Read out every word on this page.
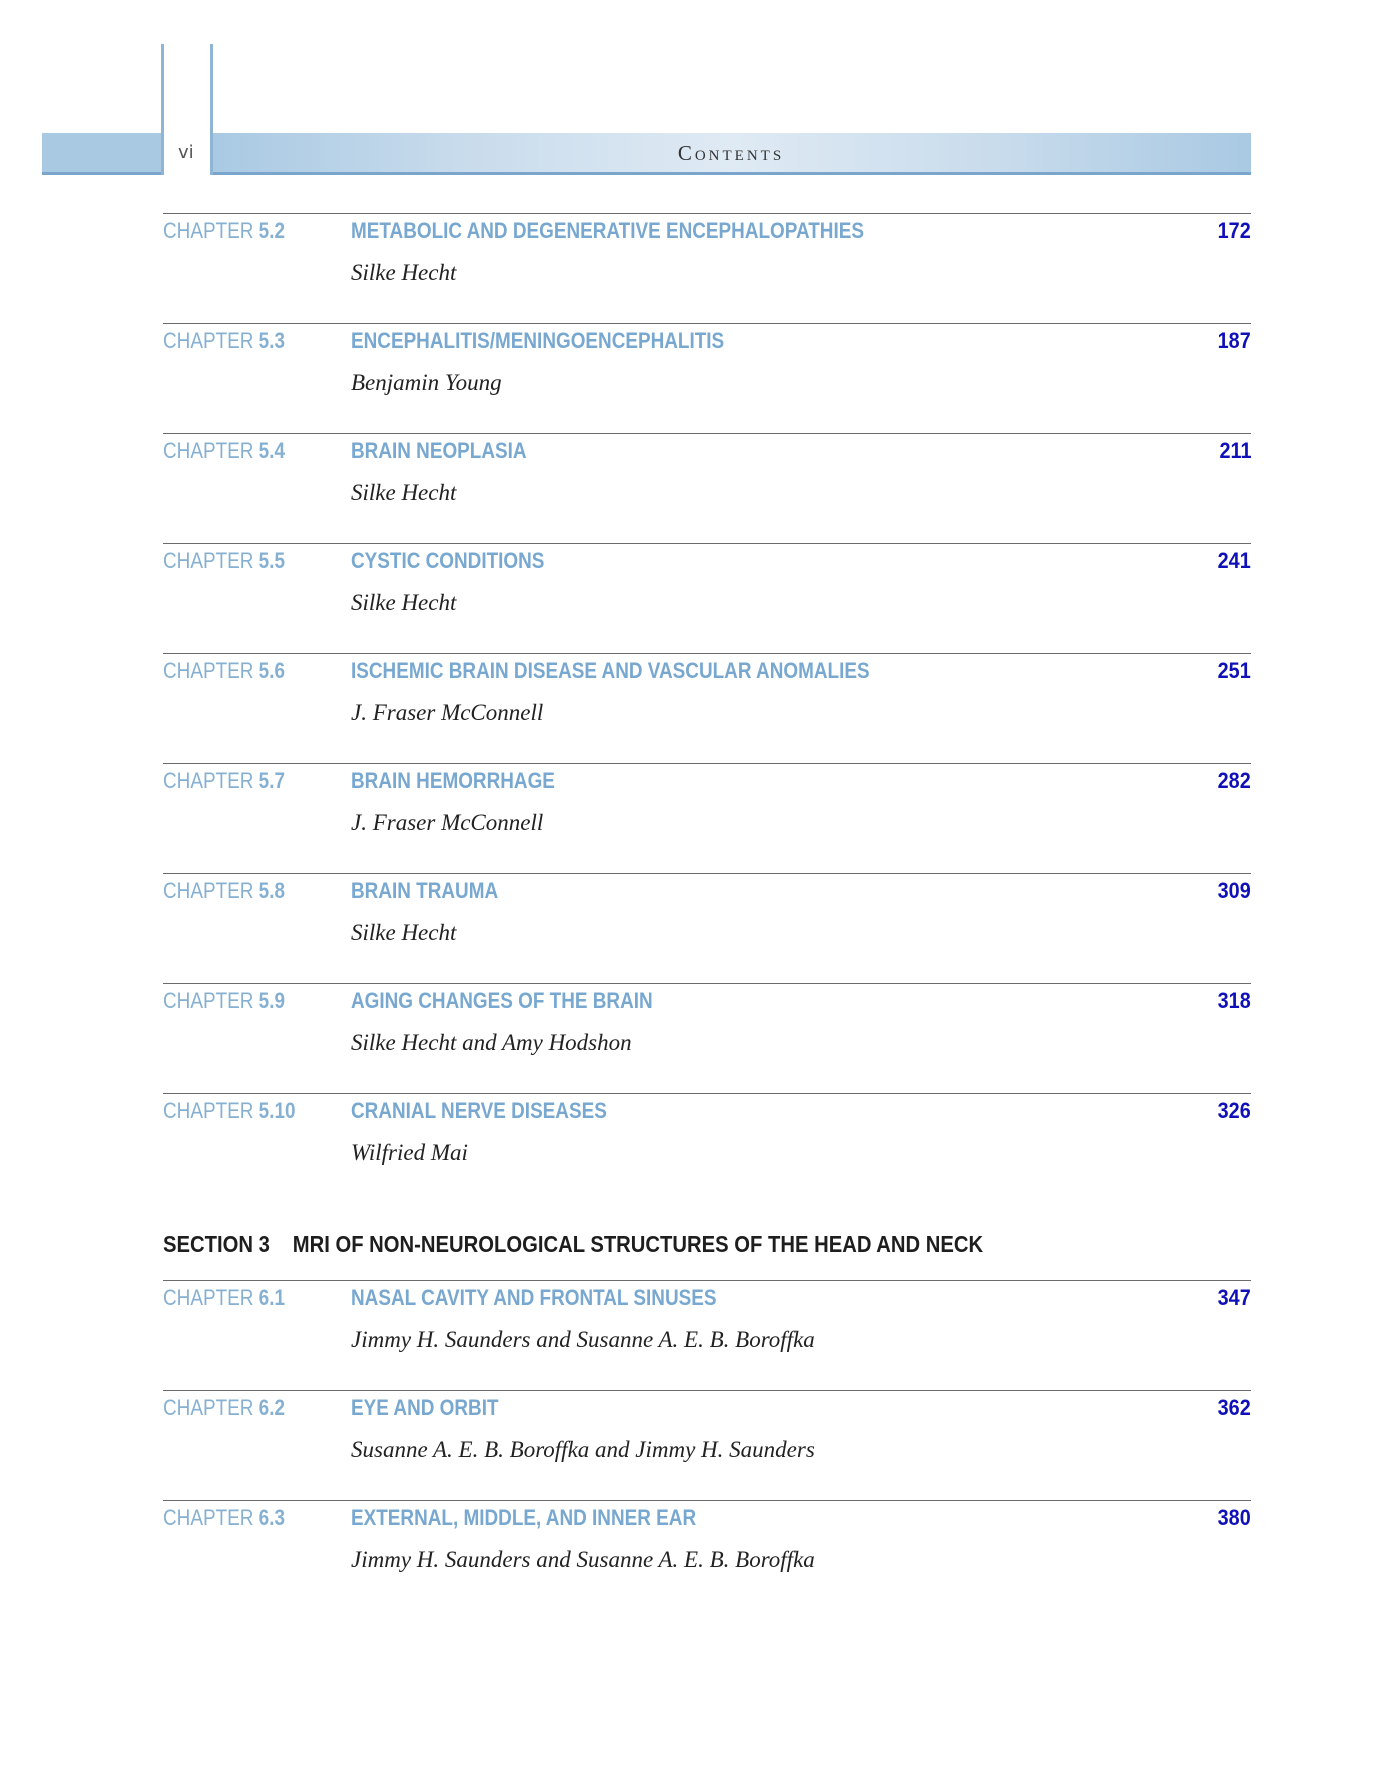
vi	Contents
CHAPTER 5.2	METABOLIC AND DEGENERATIVE ENCEPHALOPATHIES	172
Silke Hecht
CHAPTER 5.3	ENCEPHALITIS/MENINGOENCEPHALITIS	187
Benjamin Young
CHAPTER 5.4	BRAIN NEOPLASIA	211
Silke Hecht
CHAPTER 5.5	CYSTIC CONDITIONS	241
Silke Hecht
CHAPTER 5.6	ISCHEMIC BRAIN DISEASE AND VASCULAR ANOMALIES	251
J. Fraser McConnell
CHAPTER 5.7	BRAIN HEMORRHAGE	282
J. Fraser McConnell
CHAPTER 5.8	BRAIN TRAUMA	309
Silke Hecht
CHAPTER 5.9	AGING CHANGES OF THE BRAIN	318
Silke Hecht and Amy Hodshon
CHAPTER 5.10	CRANIAL NERVE DISEASES	326
Wilfried Mai
SECTION 3 MRI OF NON-NEUROLOGICAL STRUCTURES OF THE HEAD AND NECK
CHAPTER 6.1	NASAL CAVITY AND FRONTAL SINUSES	347
Jimmy H. Saunders and Susanne A. E. B. Boroffka
CHAPTER 6.2	EYE AND ORBIT	362
Susanne A. E. B. Boroffka and Jimmy H. Saunders
CHAPTER 6.3	EXTERNAL, MIDDLE, AND INNER EAR	380
Jimmy H. Saunders and Susanne A. E. B. Boroffka
